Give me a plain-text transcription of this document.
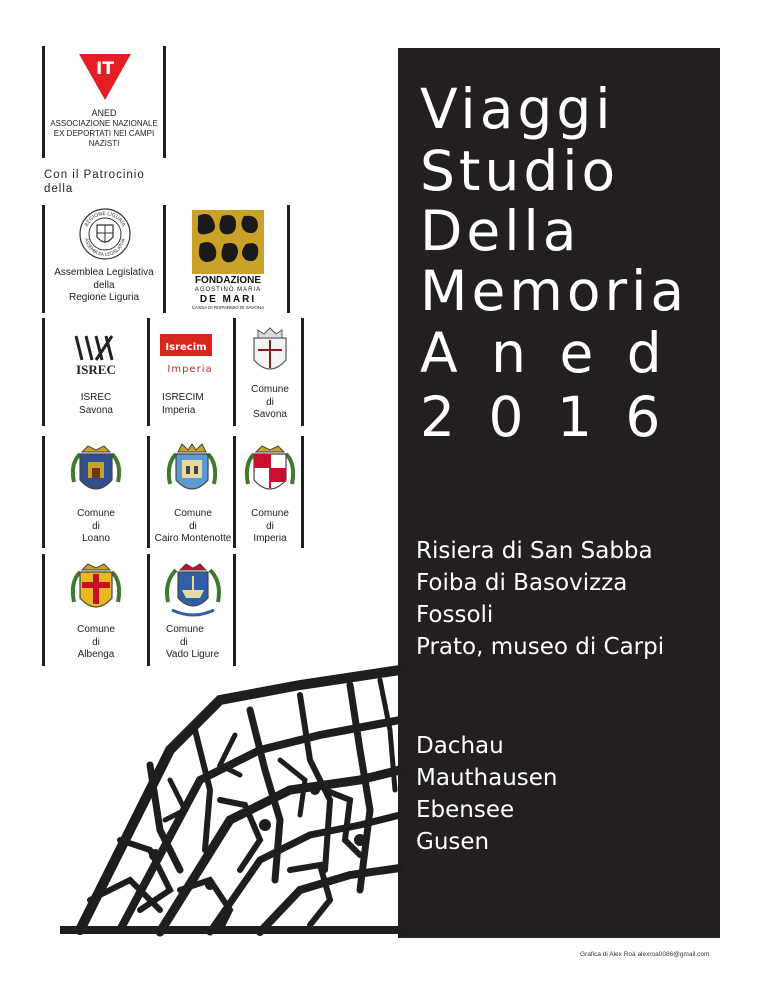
Viaggi
Studio
Della
Memoria
A n e d
2 0 1 6
Risiera di San Sabba
Foiba di Basovizza
Fossoli
Prato, museo di Carpi
Dachau
Mauthausen
Ebensee
Gusen
IT
ANED
ASSOCIAZIONE NAZIONALE
EX DEPORTATI NEI CAMPI
NAZISTI
Con il Patrocinio
della
REGIONE LIGURIA
ASSEMBLEA LEGISLATIVA
Assemblea Legislativa
della
Regione Liguria
FONDAZIONE
AGOSTINO MARIA
DE MARI
CASSA DI RISPARMIO DI SAVONA
ISREC
ISREC
Savona
Isrecim
Imperia
ISRECIM
Imperia
Comune
di
Savona
Comune
di
Loano
Comune
di
Cairo Montenotte
Comune
di
Imperia
Comune
di
Albenga
Comune
di
Vado Ligure
Grafica di Alex Roà alexroa0086@gmail.com
